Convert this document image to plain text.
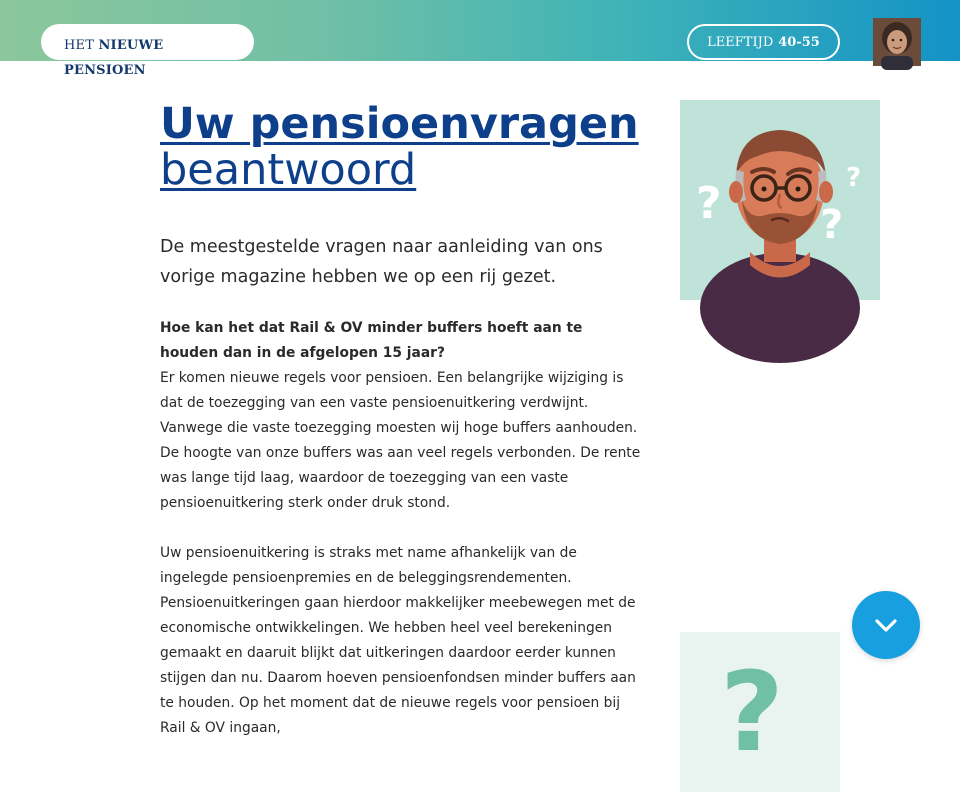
HET NIEUWE
PENSIOEN
LEEFTIJD 40-55
Uw pensioenvragen
beantwoord

De meestgestelde vragen naar aanleiding van ons vorige magazine hebben we op een rij gezet.

Hoe kan het dat Rail & OV minder buffers hoeft aan te houden dan in de afgelopen 15 jaar?
Er komen nieuwe regels voor pensioen. Een belangrijke wijziging is dat de toezegging van een vaste pensioenuitkering verdwijnt. Vanwege die vaste toezegging moesten wij hoge buffers aanhouden. De hoogte van onze buffers was aan veel regels verbonden. De rente was lange tijd laag, waardoor de toezegging van een vaste pensioenuitkering sterk onder druk stond.

Uw pensioenuitkering is straks met name afhankelijk van de ingelegde pensioenpremies en de beleggingsrendementen. Pensioenuitkeringen gaan hierdoor makkelijker meebewegen met de economische ontwikkelingen. We hebben heel veel berekeningen gemaakt en daaruit blijkt dat uitkeringen daardoor eerder kunnen stijgen dan nu. Daarom hoeven pensioenfondsen minder buffers aan te houden. Op het moment dat de nieuwe regels voor pensioen bij Rail & OV ingaan,

? ?
?
?
